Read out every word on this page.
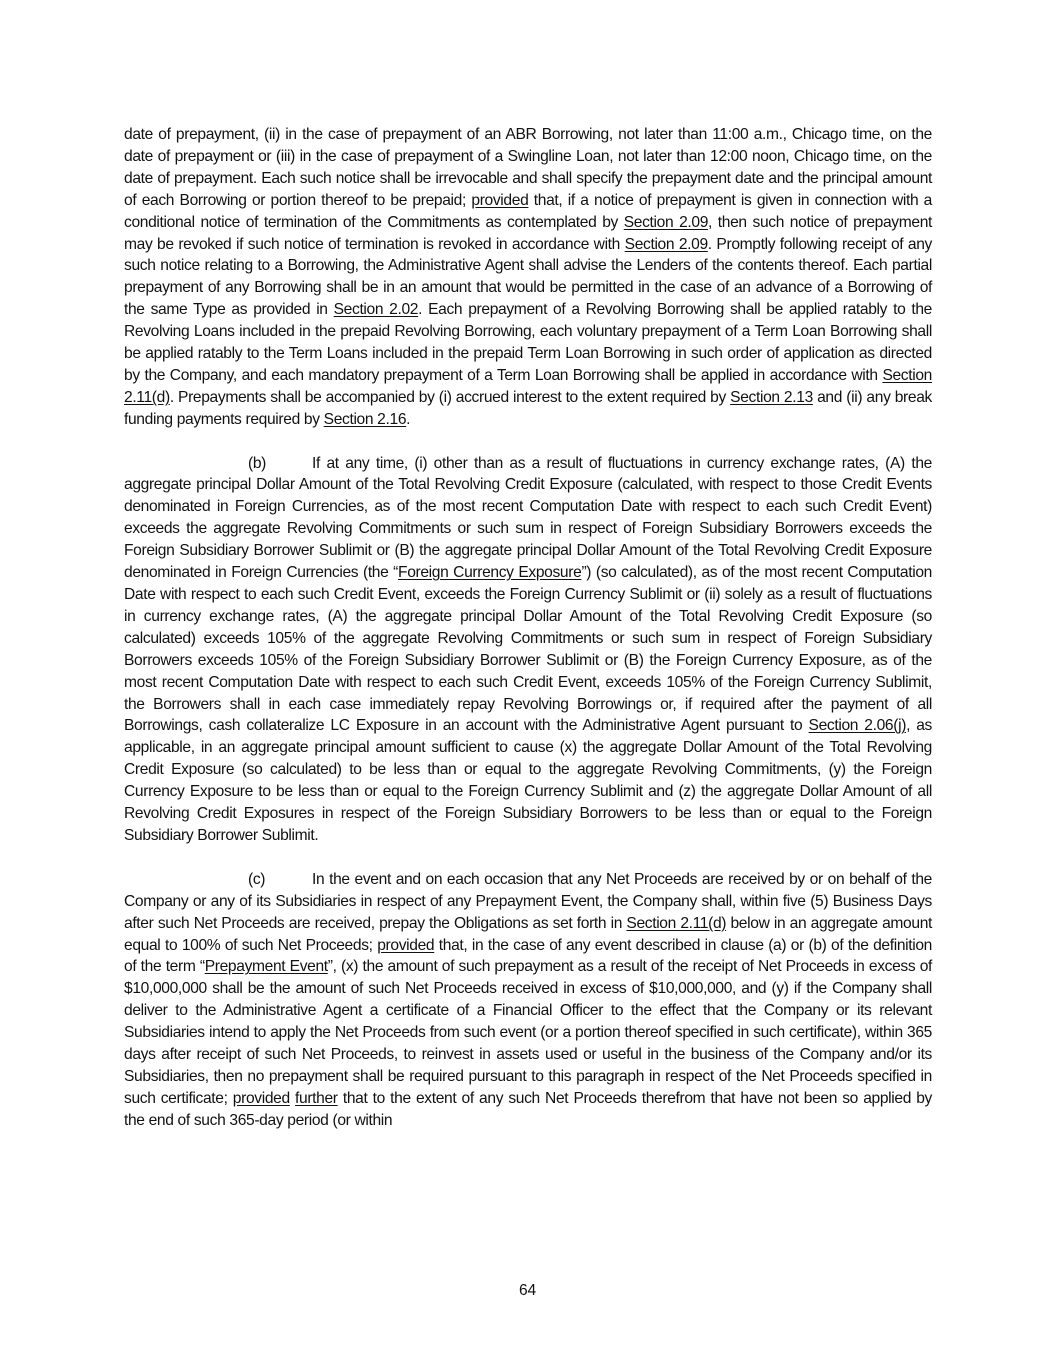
date of prepayment, (ii) in the case of prepayment of an ABR Borrowing, not later than 11:00 a.m., Chicago time, on the date of prepayment or (iii) in the case of prepayment of a Swingline Loan, not later than 12:00 noon, Chicago time, on the date of prepayment. Each such notice shall be irrevocable and shall specify the prepayment date and the principal amount of each Borrowing or portion thereof to be prepaid; provided that, if a notice of prepayment is given in connection with a conditional notice of termination of the Commitments as contemplated by Section 2.09, then such notice of prepayment may be revoked if such notice of termination is revoked in accordance with Section 2.09. Promptly following receipt of any such notice relating to a Borrowing, the Administrative Agent shall advise the Lenders of the contents thereof. Each partial prepayment of any Borrowing shall be in an amount that would be permitted in the case of an advance of a Borrowing of the same Type as provided in Section 2.02. Each prepayment of a Revolving Borrowing shall be applied ratably to the Revolving Loans included in the prepaid Revolving Borrowing, each voluntary prepayment of a Term Loan Borrowing shall be applied ratably to the Term Loans included in the prepaid Term Loan Borrowing in such order of application as directed by the Company, and each mandatory prepayment of a Term Loan Borrowing shall be applied in accordance with Section 2.11(d). Prepayments shall be accompanied by (i) accrued interest to the extent required by Section 2.13 and (ii) any break funding payments required by Section 2.16.

(b)	If at any time, (i) other than as a result of fluctuations in currency exchange rates, (A) the aggregate principal Dollar Amount of the Total Revolving Credit Exposure (calculated, with respect to those Credit Events denominated in Foreign Currencies, as of the most recent Computation Date with respect to each such Credit Event) exceeds the aggregate Revolving Commitments or such sum in respect of Foreign Subsidiary Borrowers exceeds the Foreign Subsidiary Borrower Sublimit or (B) the aggregate principal Dollar Amount of the Total Revolving Credit Exposure denominated in Foreign Currencies (the “Foreign Currency Exposure”) (so calculated), as of the most recent Computation Date with respect to each such Credit Event, exceeds the Foreign Currency Sublimit or (ii) solely as a result of fluctuations in currency exchange rates, (A) the aggregate principal Dollar Amount of the Total Revolving Credit Exposure (so calculated) exceeds 105% of the aggregate Revolving Commitments or such sum in respect of Foreign Subsidiary Borrowers exceeds 105% of the Foreign Subsidiary Borrower Sublimit or (B) the Foreign Currency Exposure, as of the most recent Computation Date with respect to each such Credit Event, exceeds 105% of the Foreign Currency Sublimit, the Borrowers shall in each case immediately repay Revolving Borrowings or, if required after the payment of all Borrowings, cash collateralize LC Exposure in an account with the Administrative Agent pursuant to Section 2.06(j), as applicable, in an aggregate principal amount sufficient to cause (x) the aggregate Dollar Amount of the Total Revolving Credit Exposure (so calculated) to be less than or equal to the aggregate Revolving Commitments, (y) the Foreign Currency Exposure to be less than or equal to the Foreign Currency Sublimit and (z) the aggregate Dollar Amount of all Revolving Credit Exposures in respect of the Foreign Subsidiary Borrowers to be less than or equal to the Foreign Subsidiary Borrower Sublimit.

(c)	In the event and on each occasion that any Net Proceeds are received by or on behalf of the Company or any of its Subsidiaries in respect of any Prepayment Event, the Company shall, within five (5) Business Days after such Net Proceeds are received, prepay the Obligations as set forth in Section 2.11(d) below in an aggregate amount equal to 100% of such Net Proceeds; provided that, in the case of any event described in clause (a) or (b) of the definition of the term “Prepayment Event”, (x) the amount of such prepayment as a result of the receipt of Net Proceeds in excess of $10,000,000 shall be the amount of such Net Proceeds received in excess of $10,000,000, and (y) if the Company shall deliver to the Administrative Agent a certificate of a Financial Officer to the effect that the Company or its relevant Subsidiaries intend to apply the Net Proceeds from such event (or a portion thereof specified in such certificate), within 365 days after receipt of such Net Proceeds, to reinvest in assets used or useful in the business of the Company and/or its Subsidiaries, then no prepayment shall be required pursuant to this paragraph in respect of the Net Proceeds specified in such certificate; provided further that to the extent of any such Net Proceeds therefrom that have not been so applied by the end of such 365-day period (or within

64
